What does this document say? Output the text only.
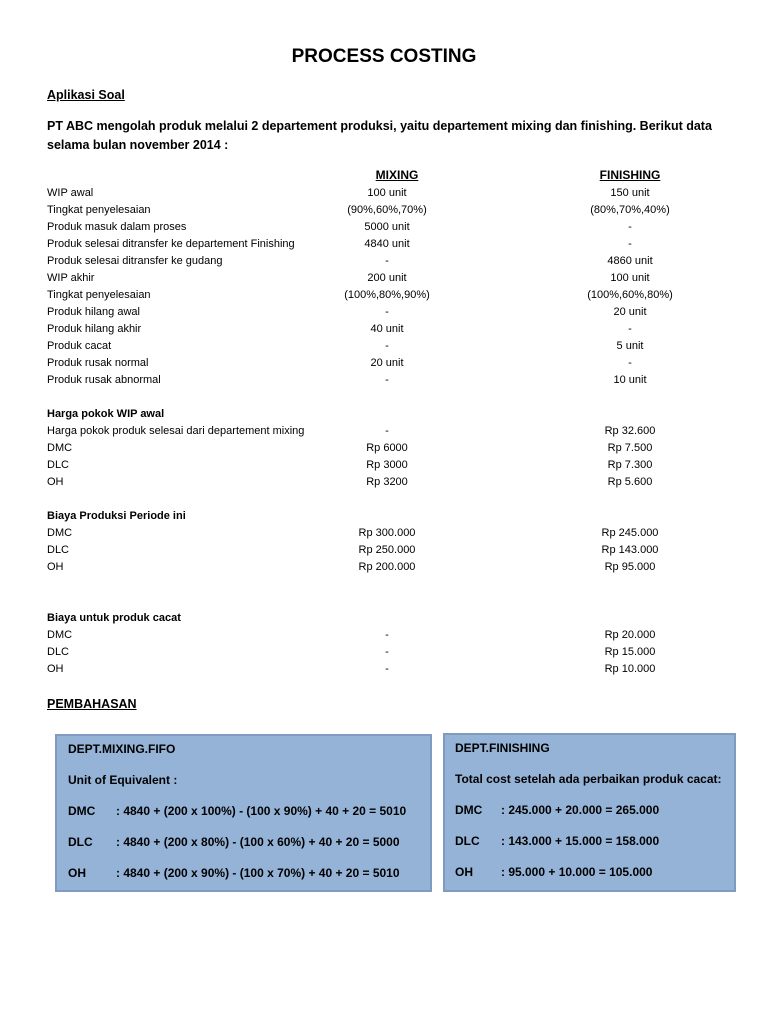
PROCESS COSTING
Aplikasi Soal
PT ABC mengolah produk melalui 2 departement produksi, yaitu departement mixing dan finishing. Berikut data selama bulan november 2014 :
MIXING	FINISHING
WIP awal	100 unit	150 unit
Tingkat penyelesaian	(90%,60%,70%)	(80%,70%,40%)
Produk masuk dalam proses	5000 unit	-
Produk selesai ditransfer ke departement Finishing	4840 unit	-
Produk selesai ditransfer ke gudang	-	4860 unit
WIP akhir	200 unit	100 unit
Tingkat penyelesaian	(100%,80%,90%)	(100%,60%,80%)
Produk hilang awal	-	20 unit
Produk hilang akhir	40 unit	-
Produk cacat	-	5 unit
Produk rusak normal	20 unit	-
Produk rusak abnormal	-	10 unit
Harga pokok WIP awal
Harga pokok produk selesai dari departement mixing	-	Rp 32.600
DMC	Rp 6000	Rp 7.500
DLC	Rp 3000	Rp 7.300
OH	Rp 3200	Rp 5.600
Biaya Produksi Periode ini
DMC	Rp 300.000	Rp 245.000
DLC	Rp 250.000	Rp 143.000
OH	Rp 200.000	Rp 95.000
Biaya untuk produk cacat
DMC	-	Rp 20.000
DLC	-	Rp 15.000
OH	-	Rp 10.000
PEMBAHASAN
DEPT.MIXING.FIFO
Unit of Equivalent :
DMC : 4840 + (200 x 100%) - (100 x 90%) + 40 + 20 = 5010
DLC : 4840 + (200 x 80%) - (100 x 60%) + 40 + 20 = 5000
OH	: 4840 + (200 x 90%) - (100 x 70%) + 40 + 20 = 5010
DEPT.FINISHING
Total cost setelah ada perbaikan produk cacat:
DMC : 245.000 + 20.000 = 265.000
DLC : 143.000 + 15.000 = 158.000
OH : 95.000 + 10.000 = 105.000
